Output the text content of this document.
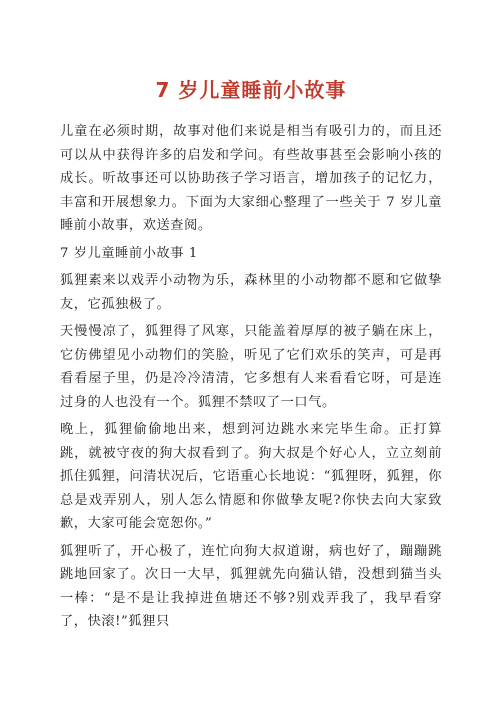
7 岁儿童睡前小故事

儿童在必须时期，故事对他们来说是相当有吸引力的，而且还可以从中获得许多的启发和学问。有些故事甚至会影响小孩的成长。听故事还可以协助孩子学习语言，增加孩子的记忆力，丰富和开展想象力。下面为大家细心整理了一些关于 7 岁儿童睡前小故事，欢送查阅。

7 岁儿童睡前小故事 1

狐狸素来以戏弄小动物为乐，森林里的小动物都不愿和它做挚友，它孤独极了。

天慢慢凉了，狐狸得了风寒，只能盖着厚厚的被子躺在床上，它仿佛望见小动物们的笑脸，听见了它们欢乐的笑声，可是再看看屋子里，仍是冷冷清清，它多想有人来看看它呀，可是连过身的人也没有一个。狐狸不禁叹了一口气。

晚上，狐狸偷偷地出来，想到河边跳水来完毕生命。正打算跳，就被守夜的狗大叔看到了。狗大叔是个好心人，立立刻前抓住狐狸，问清状况后，它语重心长地说：“狐狸呀，狐狸，你总是戏弄别人，别人怎么情愿和你做挚友呢?你快去向大家致歉，大家可能会宽恕你。”

狐狸听了，开心极了，连忙向狗大叔道谢，病也好了，蹦蹦跳跳地回家了。次日一大早，狐狸就先向猫认错，没想到猫当头一棒：“是不是让我掉进鱼塘还不够?别戏弄我了，我早看穿了，快滚!”狐狸只
